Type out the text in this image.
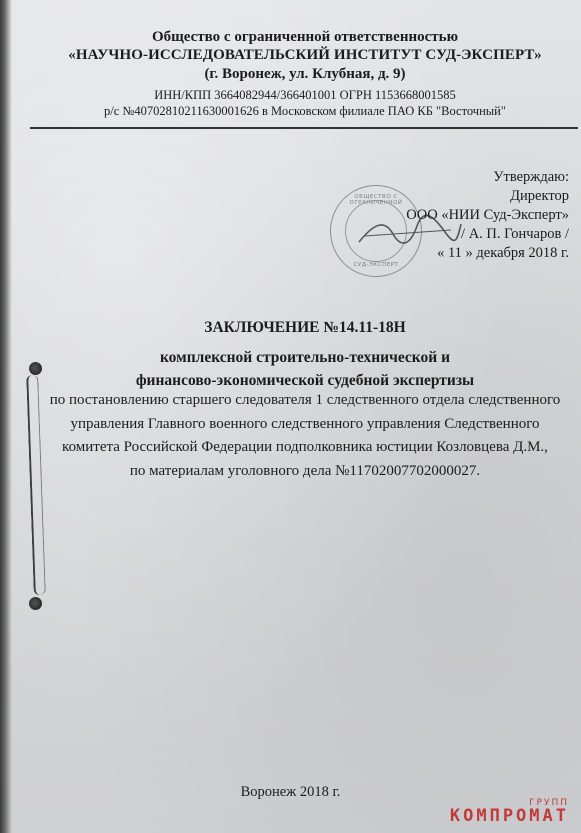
Общество с ограниченной ответственностью
«НАУЧНО-ИССЛЕДОВАТЕЛЬСКИЙ ИНСТИТУТ СУД-ЭКСПЕРТ»
(г. Воронеж, ул. Клубная, д. 9)
ИНН/КПП 3664082944/366401001 ОГРН 1153668001585
р/с №40702810211630001626 в Московском филиале ПАО КБ "Восточный"
ОБЩЕСТВО С ОГРАНИЧЕННОЙ
СУД-ЭКСПЕРТ
Утверждаю:
Директор
ООО «НИИ Суд-Эксперт»
/ А. П. Гончаров /
« 11 » декабря 2018 г.
ЗАКЛЮЧЕНИЕ №14.11-18Н
комплексной строительно-технической и
финансово-экономической судебной экспертизы
по постановлению старшего следователя 1 следственного отдела следственного
управления Главного военного следственного управления Следственного
комитета Российской Федерации подполковника юстиции Козловцева Д.М.,
по материалам уголовного дела №11702007702000027.
Воронеж 2018 г.
ГРУПП
КОМПРОМАТ
